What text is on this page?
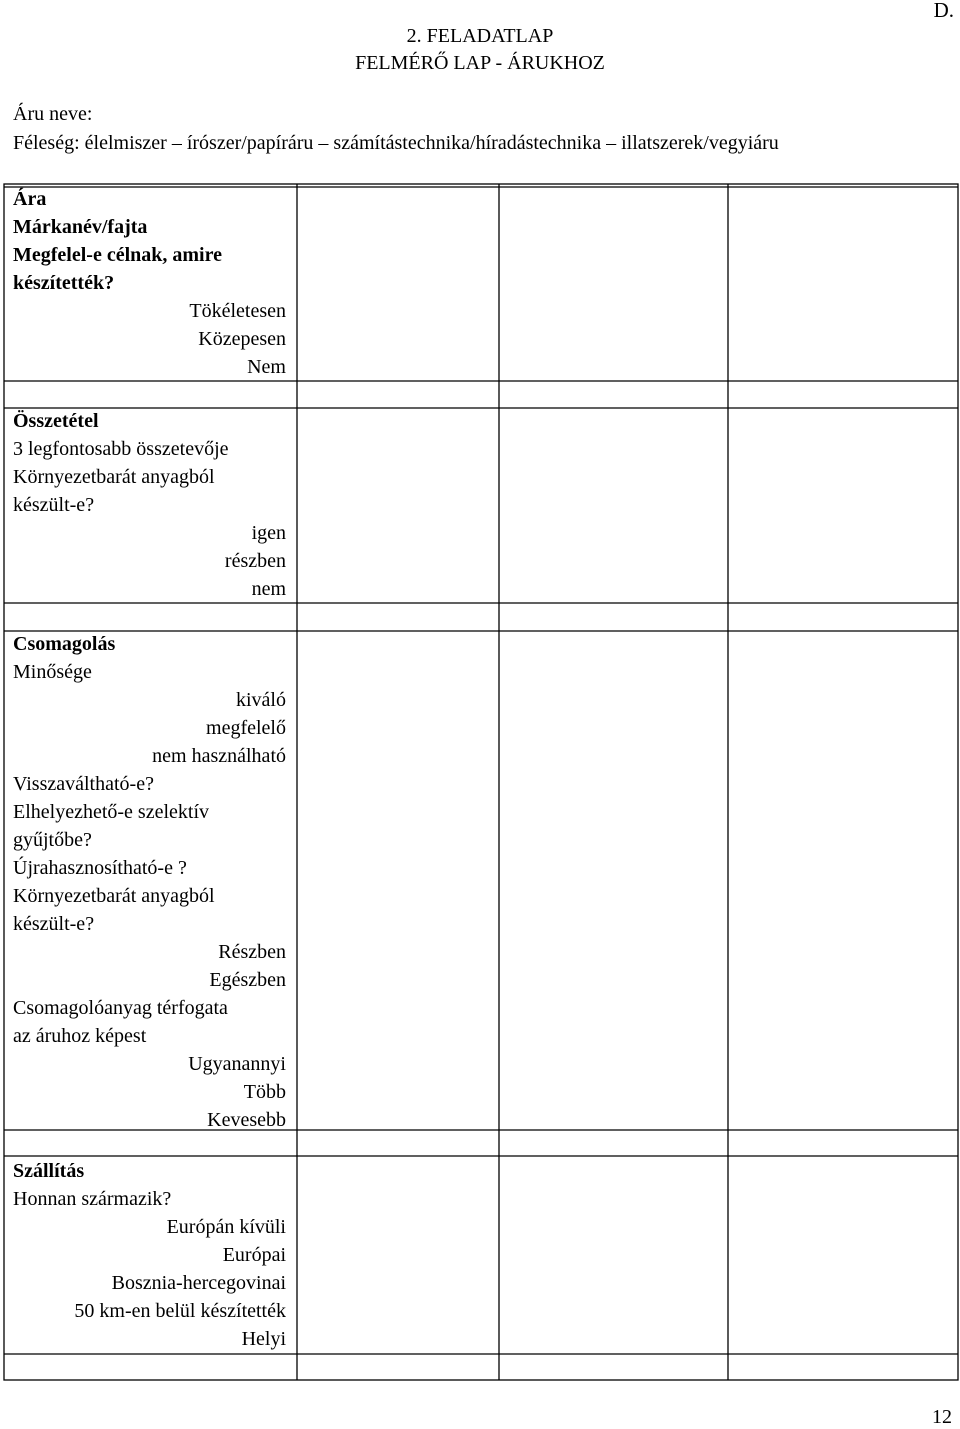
D.
2. FELADATLAP
FELMÉRŐ LAP - ÁRUKHOZ
Áru neve:
Féleség: élelmiszer – írószer/papíráru – számítástechnika/híradástechnika – illatszerek/vegyiáru
Ára
Márkanév/fajta
Megfelel-e célnak, amire
készítették?
Tökéletesen
Közepesen
Nem
Összetétel
3 legfontosabb összetevője
Környezetbarát anyagból
készült-e?
igen
részben
nem
Csomagolás
Minősége
kiváló
megfelelő
nem használható
Visszaváltható-e?
Elhelyezhető-e szelektív
gyűjtőbe?
Újrahasznosítható-e ?
Környezetbarát anyagból
készült-e?
Részben
Egészben
Csomagolóanyag térfogata
az áruhoz képest
Ugyanannyi
Több
Kevesebb
Szállítás
Honnan származik?
Európán kívüli
Európai
Bosznia-hercegovinai
50 km-en belül készítették
Helyi
12
